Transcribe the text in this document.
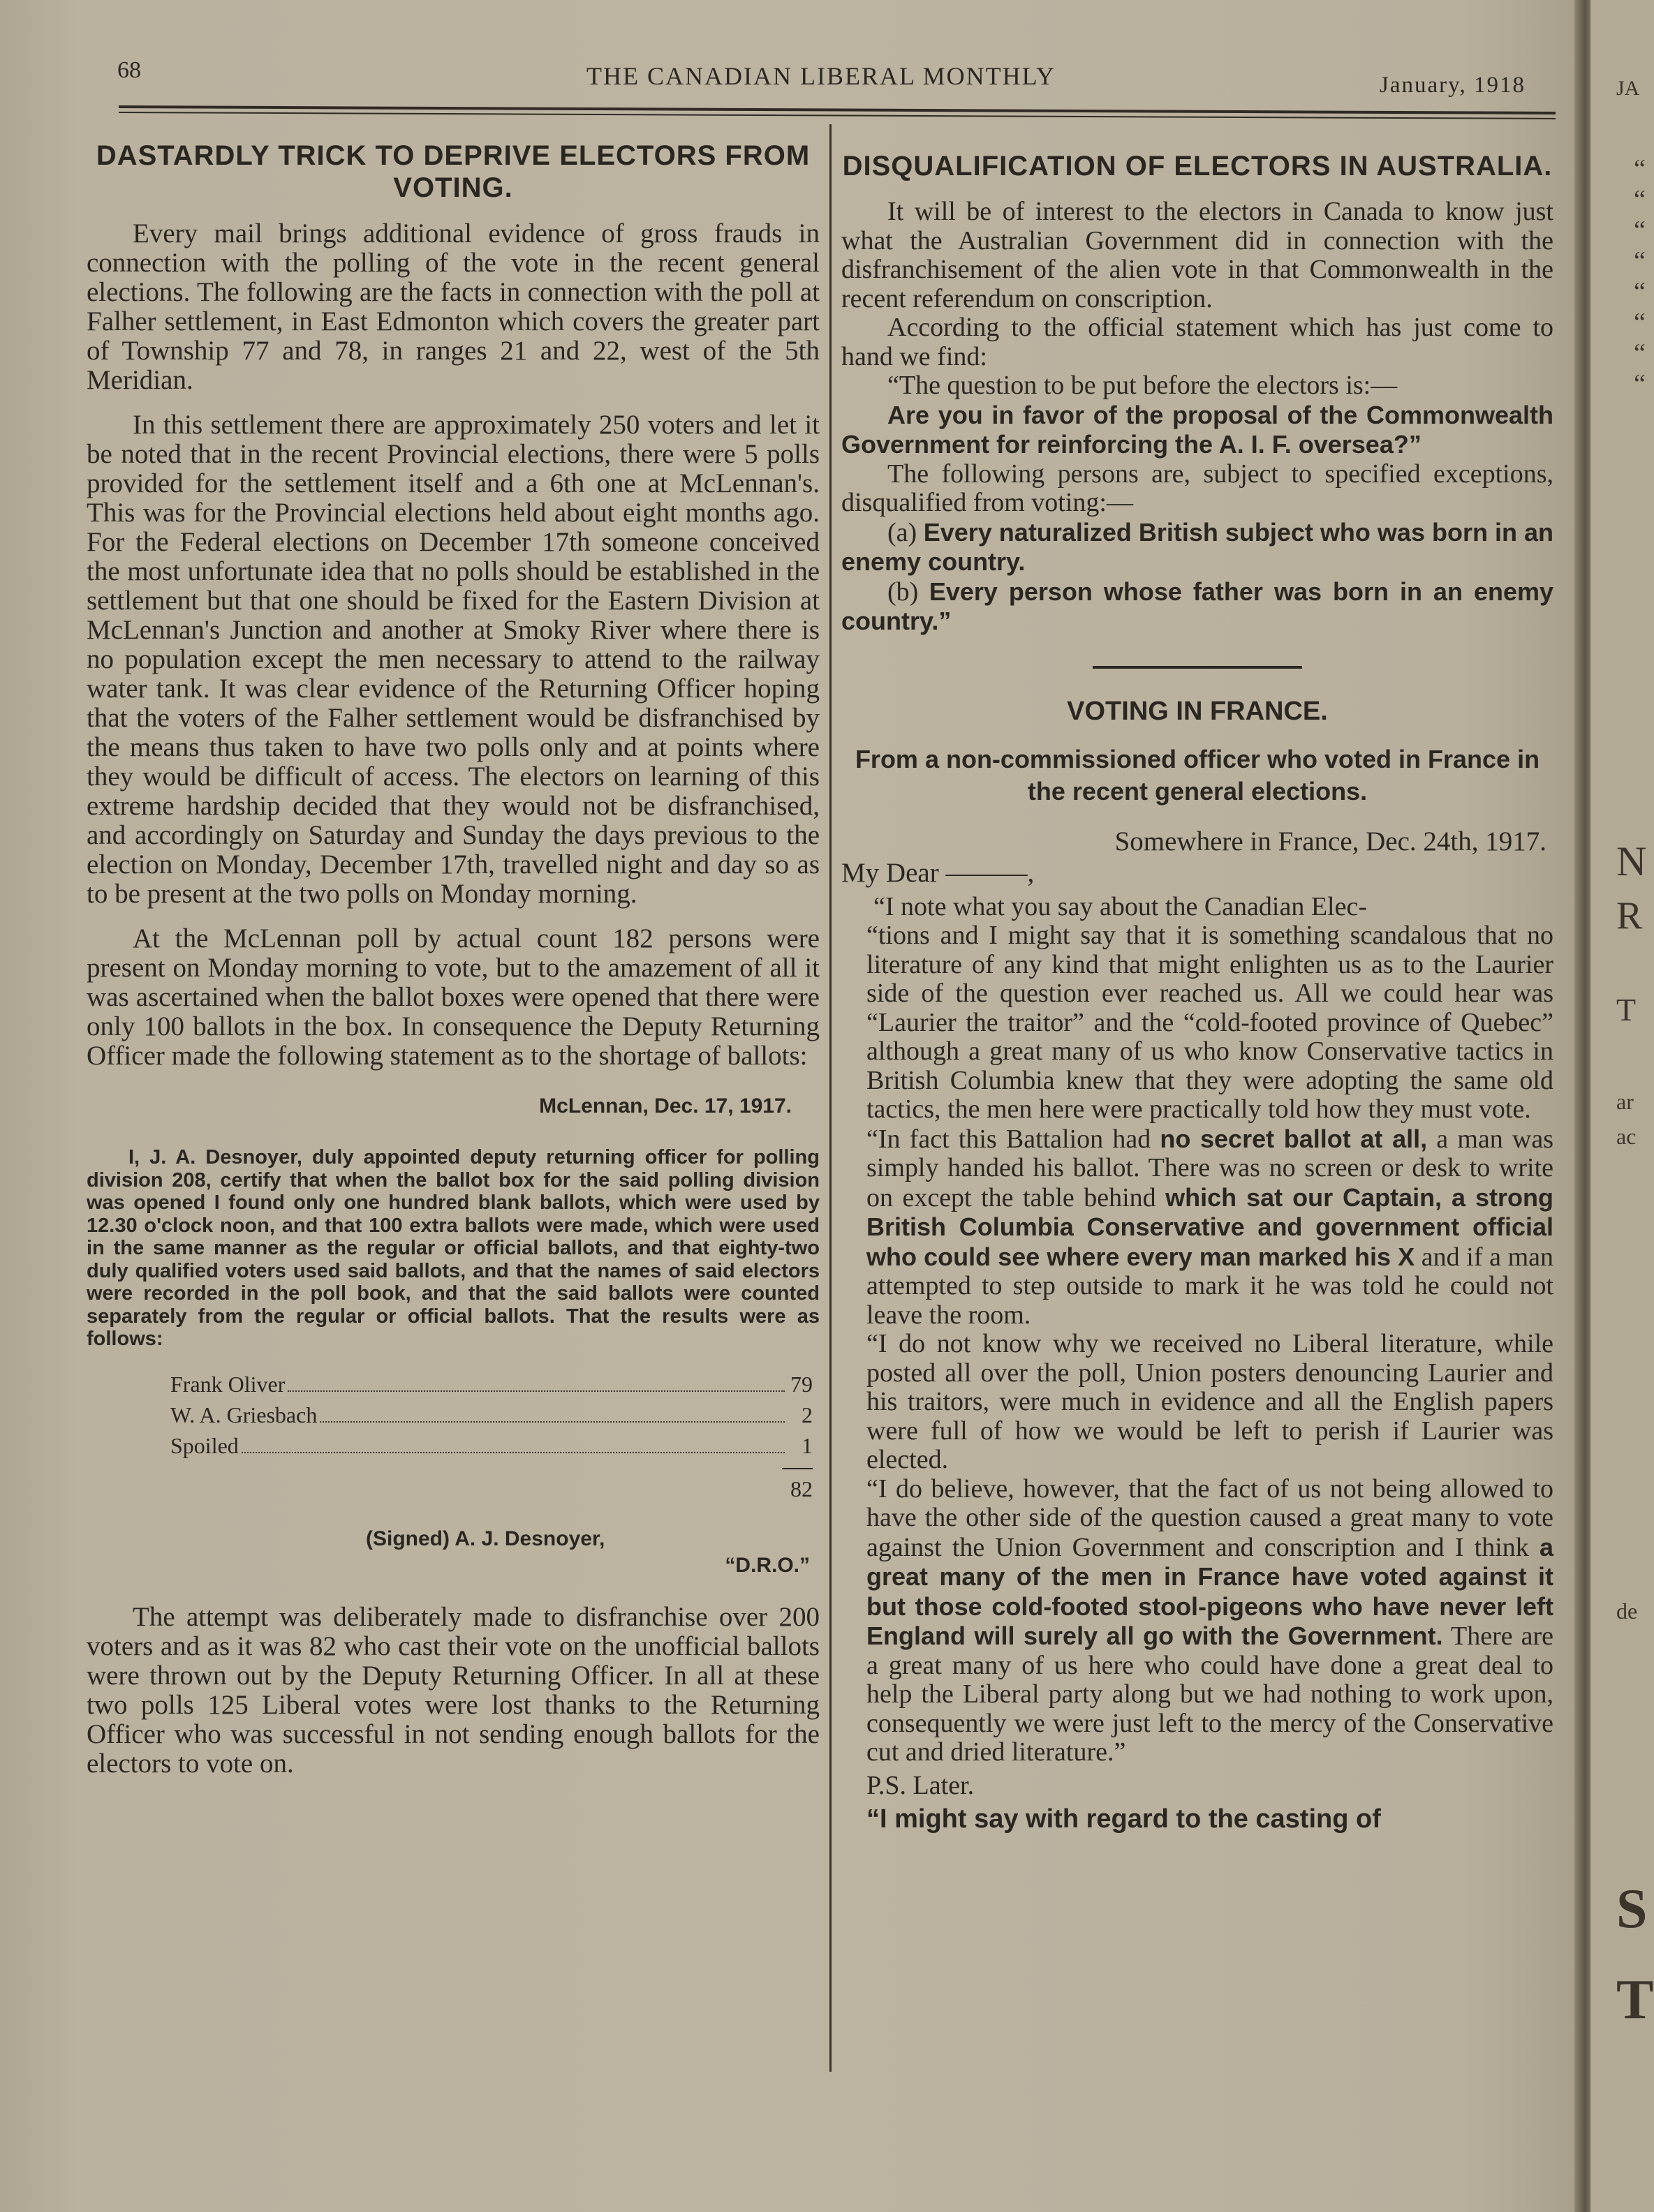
68	THE CANADIAN LIBERAL MONTHLY	January, 1918
DASTARDLY TRICK TO DEPRIVE ELECTORS FROM VOTING.

Every mail brings additional evidence of gross frauds in connection with the polling of the vote in the recent general elections. The following are the facts in connection with the poll at Falher settlement, in East Edmonton which covers the greater part of Township 77 and 78, in ranges 21 and 22, west of the 5th Meridian.

In this settlement there are approximately 250 voters and let it be noted that in the recent Provincial elections, there were 5 polls provided for the settlement itself and a 6th one at McLennan's. This was for the Provincial elections held about eight months ago. For the Federal elections on December 17th someone conceived the most unfortunate idea that no polls should be established in the settlement but that one should be fixed for the Eastern Division at McLennan's Junction and another at Smoky River where there is no population except the men necessary to attend to the railway water tank. It was clear evidence of the Returning Officer hoping that the voters of the Falher settlement would be disfranchised by the means thus taken to have two polls only and at points where they would be difficult of access. The electors on learning of this extreme hardship decided that they would not be disfranchised, and accordingly on Saturday and Sunday the days previous to the election on Monday, December 17th, travelled night and day so as to be present at the two polls on Monday morning.

At the McLennan poll by actual count 182 persons were present on Monday morning to vote, but to the amazement of all it was ascertained when the ballot boxes were opened that there were only 100 ballots in the box. In consequence the Deputy Returning Officer made the following statement as to the shortage of ballots:

McLennan, Dec. 17, 1917.
I, J. A. Desnoyer, duly appointed deputy returning officer for polling division 208, certify that when the ballot box for the said polling division was opened I found only one hundred blank ballots, which were used by 12.30 o'clock noon, and that 100 extra ballots were made, which were used in the same manner as the regular or official ballots, and that eighty-two duly qualified voters used said ballots, and that the names of said electors were recorded in the poll book, and that the said ballots were counted separately from the regular or official ballots. That the results were as follows:
Frank Oliver	79
W. A. Griesbach	2
Spoiled	1
82
(Signed) A. J. Desnoyer,
“D.R.O.”

The attempt was deliberately made to disfranchise over 200 voters and as it was 82 who cast their vote on the unofficial ballots were thrown out by the Deputy Returning Officer. In all at these two polls 125 Liberal votes were lost thanks to the Returning Officer who was successful in not sending enough ballots for the electors to vote on.

DISQUALIFICATION OF ELECTORS IN AUSTRALIA.

It will be of interest to the electors in Canada to know just what the Australian Government did in connection with the disfranchisement of the alien vote in that Commonwealth in the recent referendum on conscription.

According to the official statement which has just come to hand we find:

“The question to be put before the electors is:—

Are you in favor of the proposal of the Commonwealth Government for reinforcing the A. I. F. oversea?”

The following persons are, subject to specified exceptions, disqualified from voting:—

(a) Every naturalized British subject who was born in an enemy country.

(b) Every person whose father was born in an enemy country.”

VOTING IN FRANCE.
From a non-commissioned officer who voted in France in the recent general elections.
Somewhere in France, Dec. 24th, 1917.
My Dear ———,

“I note what you say about the Canadian Elec-

“tions and I might say that it is something scandalous that no literature of any kind that might enlighten us as to the Laurier side of the question ever reached us. All we could hear was “Laurier the traitor” and the “cold-footed province of Quebec” although a great many of us who know Conservative tactics in British Columbia knew that they were adopting the same old tactics, the men here were practically told how they must vote.

“In fact this Battalion had no secret ballot at all, a man was simply handed his ballot. There was no screen or desk to write on except the table behind which sat our Captain, a strong British Columbia Conservative and government official who could see where every man marked his X and if a man attempted to step outside to mark it he was told he could not leave the room.

“I do not know why we received no Liberal literature, while posted all over the poll, Union posters denouncing Laurier and his traitors, were much in evidence and all the English papers were full of how we would be left to perish if Laurier was elected.

“I do believe, however, that the fact of us not being allowed to have the other side of the question caused a great many to vote against the Union Government and conscription and I think a great many of the men in France have voted against it but those cold-footed stool-pigeons who have never left England will surely all go with the Government. There are a great many of us here who could have done a great deal to help the Liberal party along but we had nothing to work upon, consequently we were just left to the mercy of the Conservative cut and dried literature.”

P.S. Later.
“I might say with regard to the casting of
JA
“
“
“
“
“
“
“
“
N
R
T
ar
ac
de
S
T
